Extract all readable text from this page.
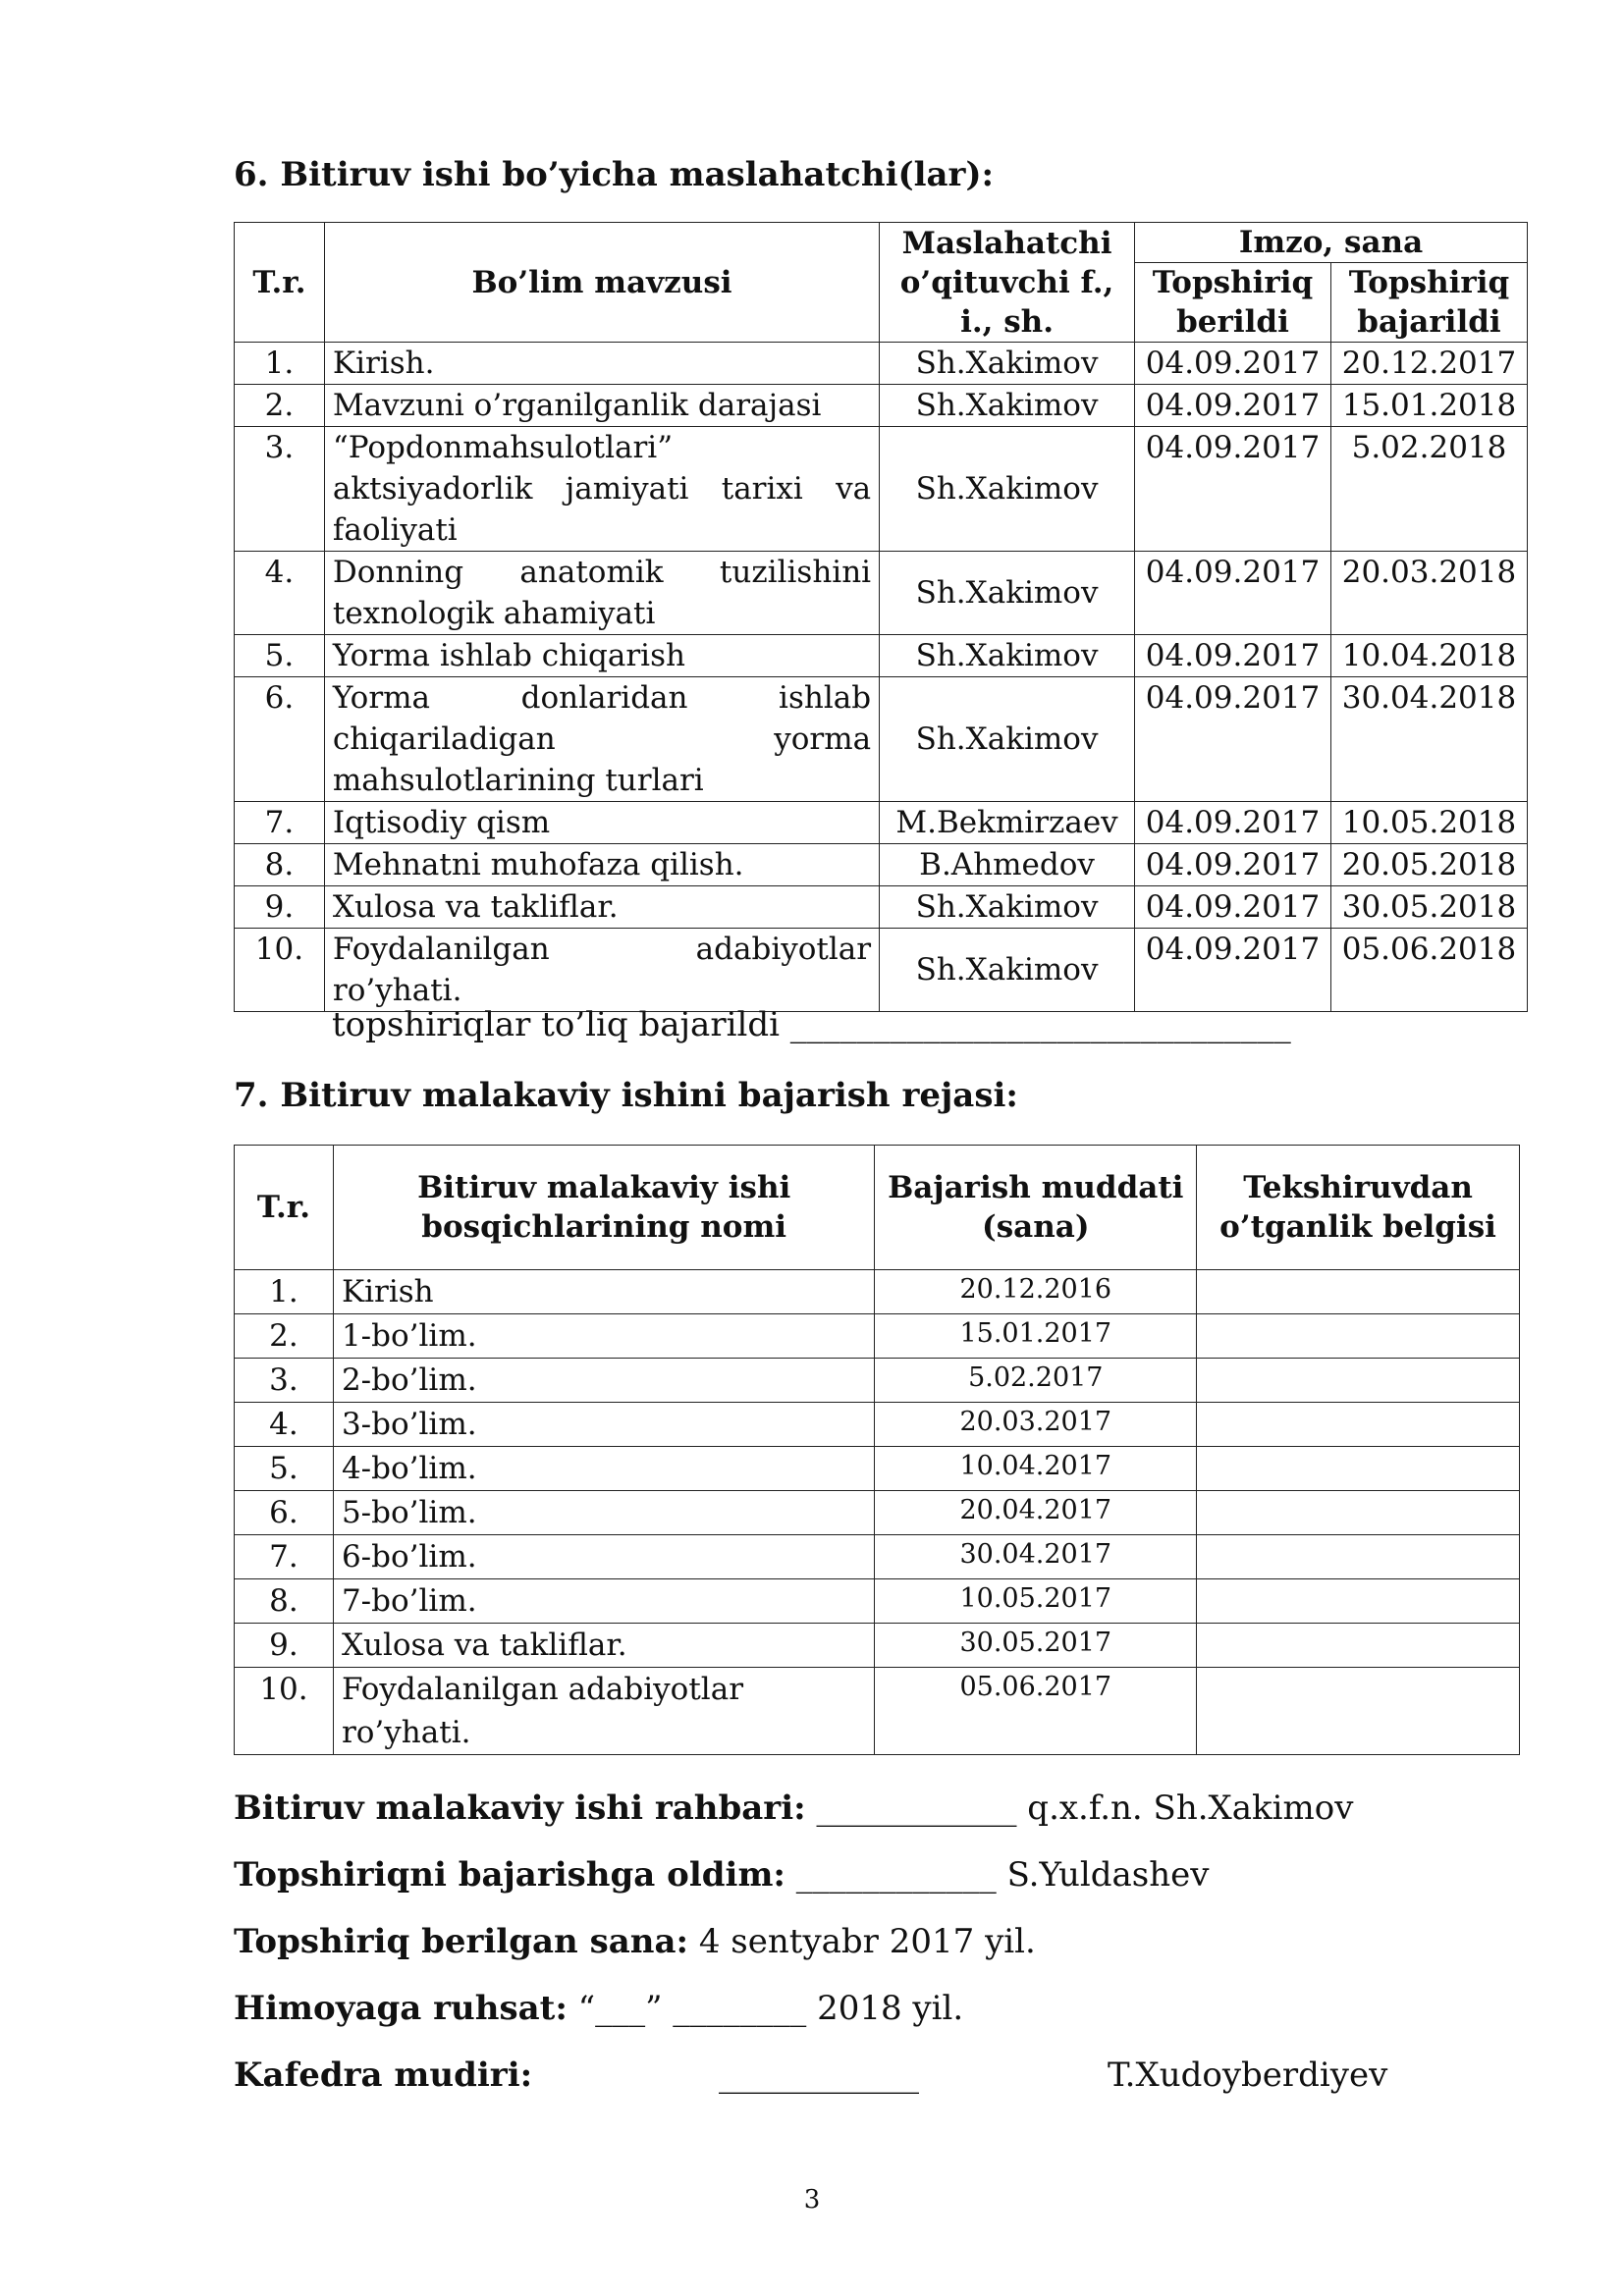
6. Bitiruv ishi bo’yicha maslahatchi(lar):

T.r.	Bo’lim mavzusi	Maslahatchi o’qituvchi f., i., sh.	Imzo, sana	
			Topshiriq berildi	Topshiriq bajarildi
1.	Kirish.	Sh.Xakimov	04.09.2017	20.12.2017
2.	Mavzuni o’rganilganlik darajasi	Sh.Xakimov	04.09.2017	15.01.2018
3.	“Popdonmahsulotlari” aktsiyadorlik jamiyati tarixi va faoliyati	Sh.Xakimov	04.09.2017	5.02.2018
4.	Donning anatomik tuzilishini texnologik ahamiyati	Sh.Xakimov	04.09.2017	20.03.2018
5.	Yorma ishlab chiqarish	Sh.Xakimov	04.09.2017	10.04.2018
6.	Yorma donlaridan ishlab chiqariladigan yorma mahsulotlarining turlari	Sh.Xakimov	04.09.2017	30.04.2018
7.	Iqtisodiy qism	M.Bekmirzaev	04.09.2017	10.05.2018
8.	Mehnatni muhofaza qilish.	B.Ahmedov	04.09.2017	20.05.2018
9.	Xulosa va takliflar.	Sh.Xakimov	04.09.2017	30.05.2018
10.	Foydalanilgan adabiyotlar ro’yhati.	Sh.Xakimov	04.09.2017	05.06.2018

topshiriqlar to’liq bajarildi ______________________________

7. Bitiruv malakaviy ishini bajarish rejasi:

T.r.	Bitiruv malakaviy ishi bosqichlarining nomi	Bajarish muddati (sana)	Tekshiruvdan o’tganlik belgisi
1.	Kirish	20.12.2016	
2.	1-bo’lim.	15.01.2017	
3.	2-bo’lim.	5.02.2017	
4.	3-bo’lim.	20.03.2017	
5.	4-bo’lim.	10.04.2017	
6.	5-bo’lim.	20.04.2017	
7.	6-bo’lim.	30.04.2017	
8.	7-bo’lim.	10.05.2017	
9.	Xulosa va takliflar.	30.05.2017	
10.	Foydalanilgan adabiyotlar ro’yhati.	05.06.2017	

Bitiruv malakaviy ishi rahbari: ____________ q.x.f.n. Sh.Xakimov

Topshiriqni bajarishga oldim: ____________ S.Yuldashev

Topshiriq berilgan sana: 4 sentyabr 2017 yil.

Himoyaga ruhsat: “___” ________ 2018 yil.

Kafedra mudiri:	____________	T.Xudoyberdiyev

3
